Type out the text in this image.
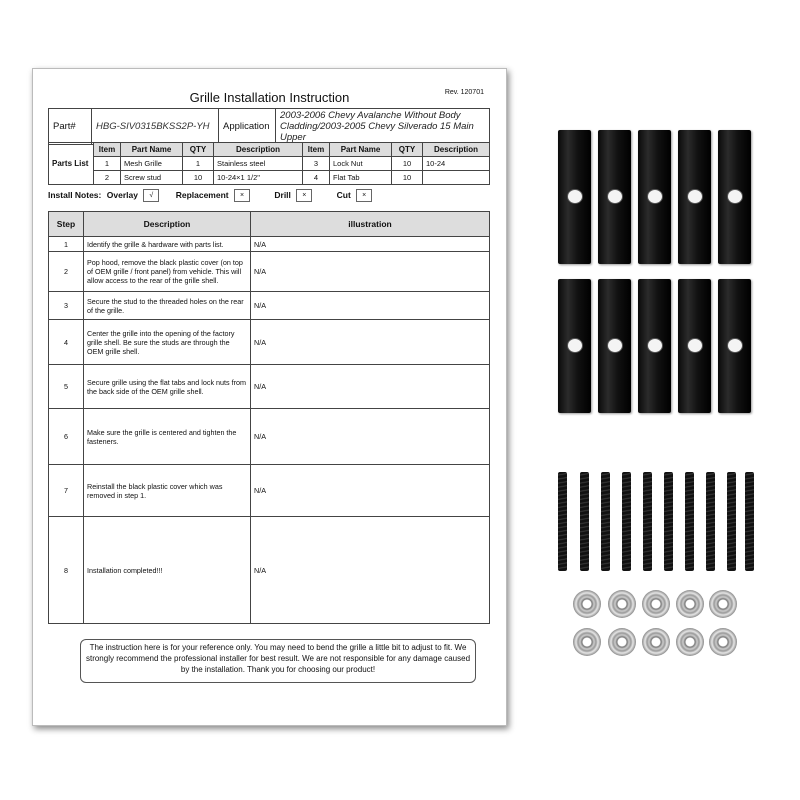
Grille Installation Instruction	Rev. 120701
Part#	HBG-SIV0315BKSS2P-YH	Application	2003-2006 Chevy Avalanche Without Body Cladding/2003-2005 Chevy Silverado 15 Main Upper
Parts List	Item	Part Name	QTY	Description	Item	Part Name	QTY	Description
	1	Mesh Grille	1	Stainless steel	3	Lock Nut	10	10-24
	2	Screw stud	10	10-24×1 1/2"	4	Flat Tab	10	
Install Notes: Overlay √	Replacement ×	Drill ×	Cut ×
Step	Description	illustration
1	Identify the grille & hardware with parts list.	N/A
2	Pop hood, remove the black plastic cover (on top of OEM grille / front panel) from vehicle. This will allow access to the rear of the grille shell.	N/A
3	Secure the stud to the threaded holes on the rear of the grille.	N/A
4	Center the grille into the opening of the factory grille shell. Be sure the studs are through the OEM grille shell.	N/A
5	Secure grille using the flat tabs and lock nuts from the back side of the OEM grille shell.	N/A
6	Make sure the grille is centered and tighten the fasteners.	N/A
7	Reinstall the black plastic cover which was removed in step 1.	N/A
8	Installation completed!!!	N/A
The instruction here is for your reference only. You may need to bend the grille a little bit to adjust to fit. We strongly recommend the professional installer for best result. We are not responsible for any damage caused by the installation. Thank you for choosing our product!
